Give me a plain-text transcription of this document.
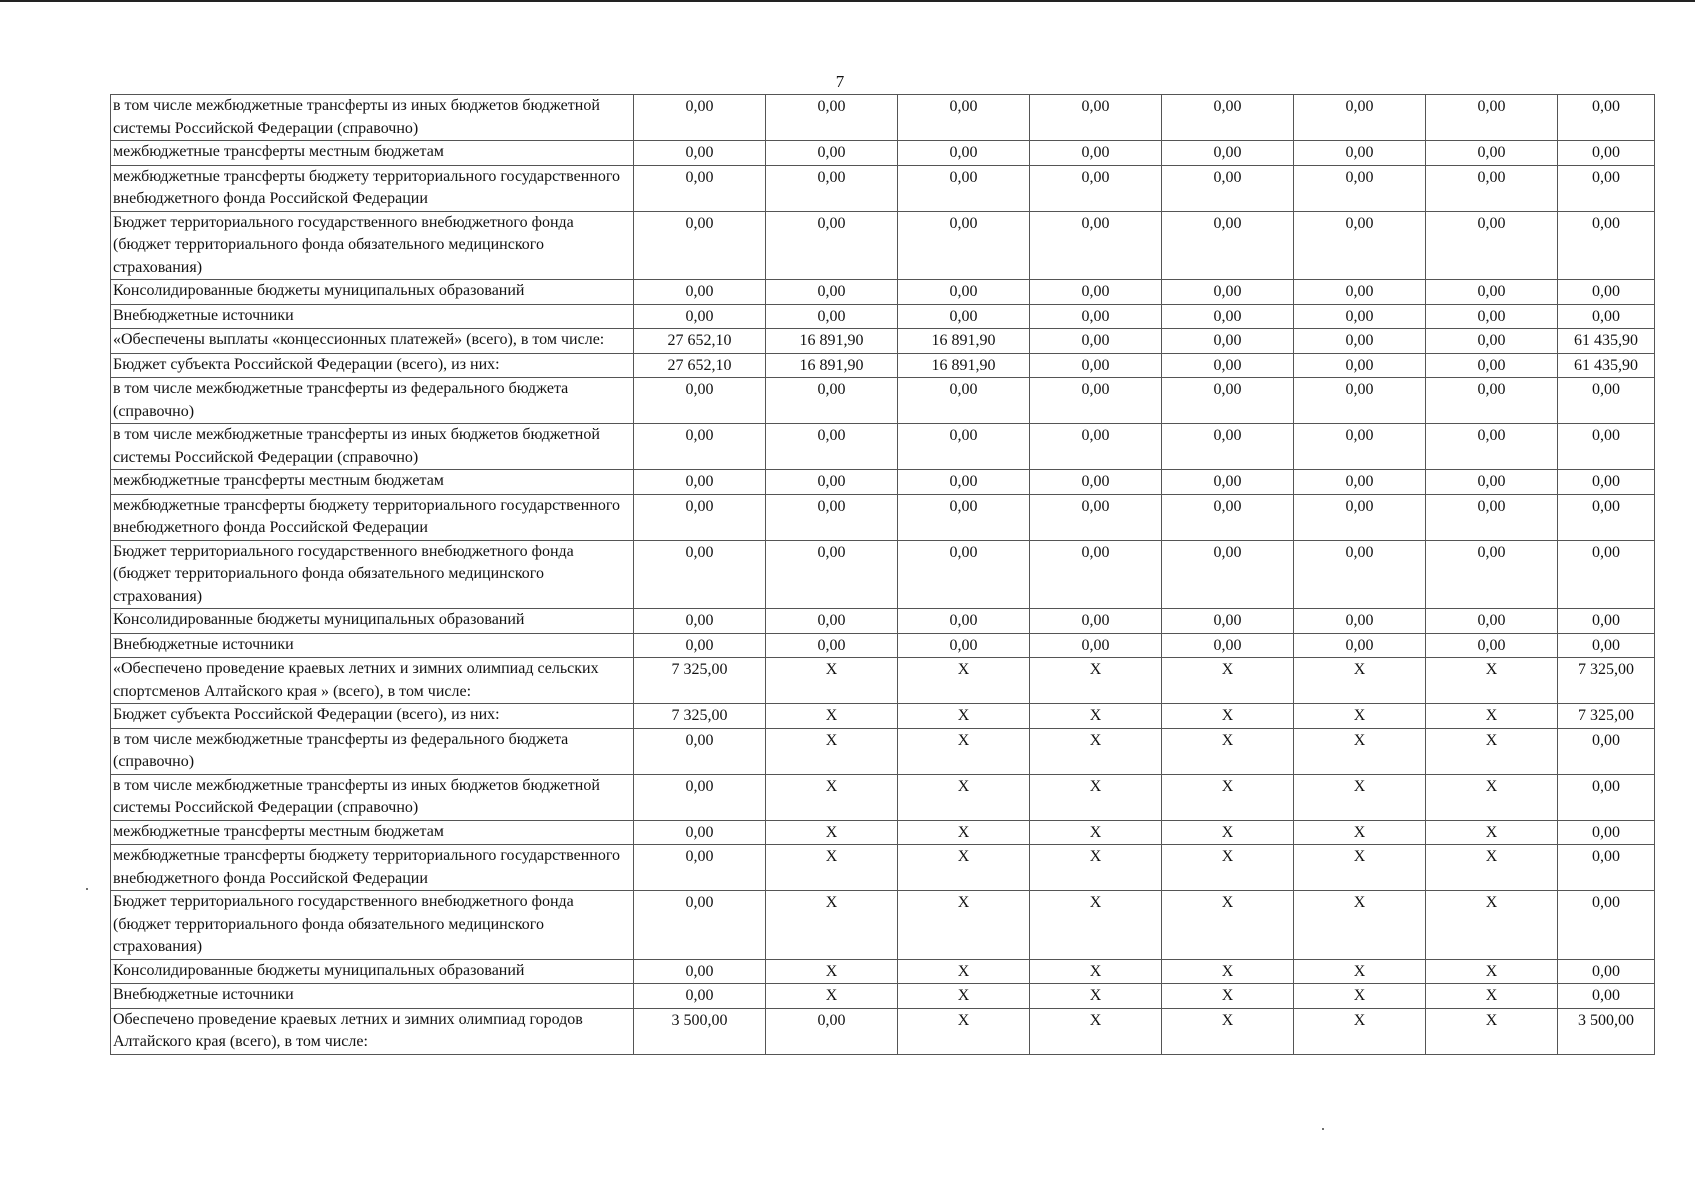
7
в том числе межбюджетные трансферты из иных бюджетов бюджетной системы Российской Федерации (справочно)	0,00	0,00	0,00	0,00	0,00	0,00	0,00	0,00
межбюджетные трансферты местным бюджетам	0,00	0,00	0,00	0,00	0,00	0,00	0,00	0,00
межбюджетные трансферты бюджету территориального государственного внебюджетного фонда Российской Федерации	0,00	0,00	0,00	0,00	0,00	0,00	0,00	0,00
Бюджет территориального государственного внебюджетного фонда (бюджет территориального фонда обязательного медицинского страхования)	0,00	0,00	0,00	0,00	0,00	0,00	0,00	0,00
Консолидированные бюджеты муниципальных образований	0,00	0,00	0,00	0,00	0,00	0,00	0,00	0,00
Внебюджетные источники	0,00	0,00	0,00	0,00	0,00	0,00	0,00	0,00
«Обеспечены выплаты «концессионных платежей» (всего), в том числе:	27 652,10	16 891,90	16 891,90	0,00	0,00	0,00	0,00	61 435,90
Бюджет субъекта Российской Федерации (всего), из них:	27 652,10	16 891,90	16 891,90	0,00	0,00	0,00	0,00	61 435,90
в том числе межбюджетные трансферты из федерального бюджета (справочно)	0,00	0,00	0,00	0,00	0,00	0,00	0,00	0,00
в том числе межбюджетные трансферты из иных бюджетов бюджетной системы Российской Федерации (справочно)	0,00	0,00	0,00	0,00	0,00	0,00	0,00	0,00
межбюджетные трансферты местным бюджетам	0,00	0,00	0,00	0,00	0,00	0,00	0,00	0,00
межбюджетные трансферты бюджету территориального государственного внебюджетного фонда Российской Федерации	0,00	0,00	0,00	0,00	0,00	0,00	0,00	0,00
Бюджет территориального государственного внебюджетного фонда (бюджет территориального фонда обязательного медицинского страхования)	0,00	0,00	0,00	0,00	0,00	0,00	0,00	0,00
Консолидированные бюджеты муниципальных образований	0,00	0,00	0,00	0,00	0,00	0,00	0,00	0,00
Внебюджетные источники	0,00	0,00	0,00	0,00	0,00	0,00	0,00	0,00
«Обеспечено проведение краевых летних и зимних олимпиад сельских спортсменов Алтайского края » (всего), в том числе:	7 325,00	X	X	X	X	X	X	7 325,00
Бюджет субъекта Российской Федерации (всего), из них:	7 325,00	X	X	X	X	X	X	7 325,00
в том числе межбюджетные трансферты из федерального бюджета (справочно)	0,00	X	X	X	X	X	X	0,00
в том числе межбюджетные трансферты из иных бюджетов бюджетной системы Российской Федерации (справочно)	0,00	X	X	X	X	X	X	0,00
межбюджетные трансферты местным бюджетам	0,00	X	X	X	X	X	X	0,00
межбюджетные трансферты бюджету территориального государственного внебюджетного фонда Российской Федерации	0,00	X	X	X	X	X	X	0,00
Бюджет территориального государственного внебюджетного фонда (бюджет территориального фонда обязательного медицинского страхования)	0,00	X	X	X	X	X	X	0,00
Консолидированные бюджеты муниципальных образований	0,00	X	X	X	X	X	X	0,00
Внебюджетные источники	0,00	X	X	X	X	X	X	0,00
Обеспечено проведение краевых летних и зимних олимпиад городов Алтайского края (всего), в том числе:	3 500,00	0,00	X	X	X	X	X	3 500,00
